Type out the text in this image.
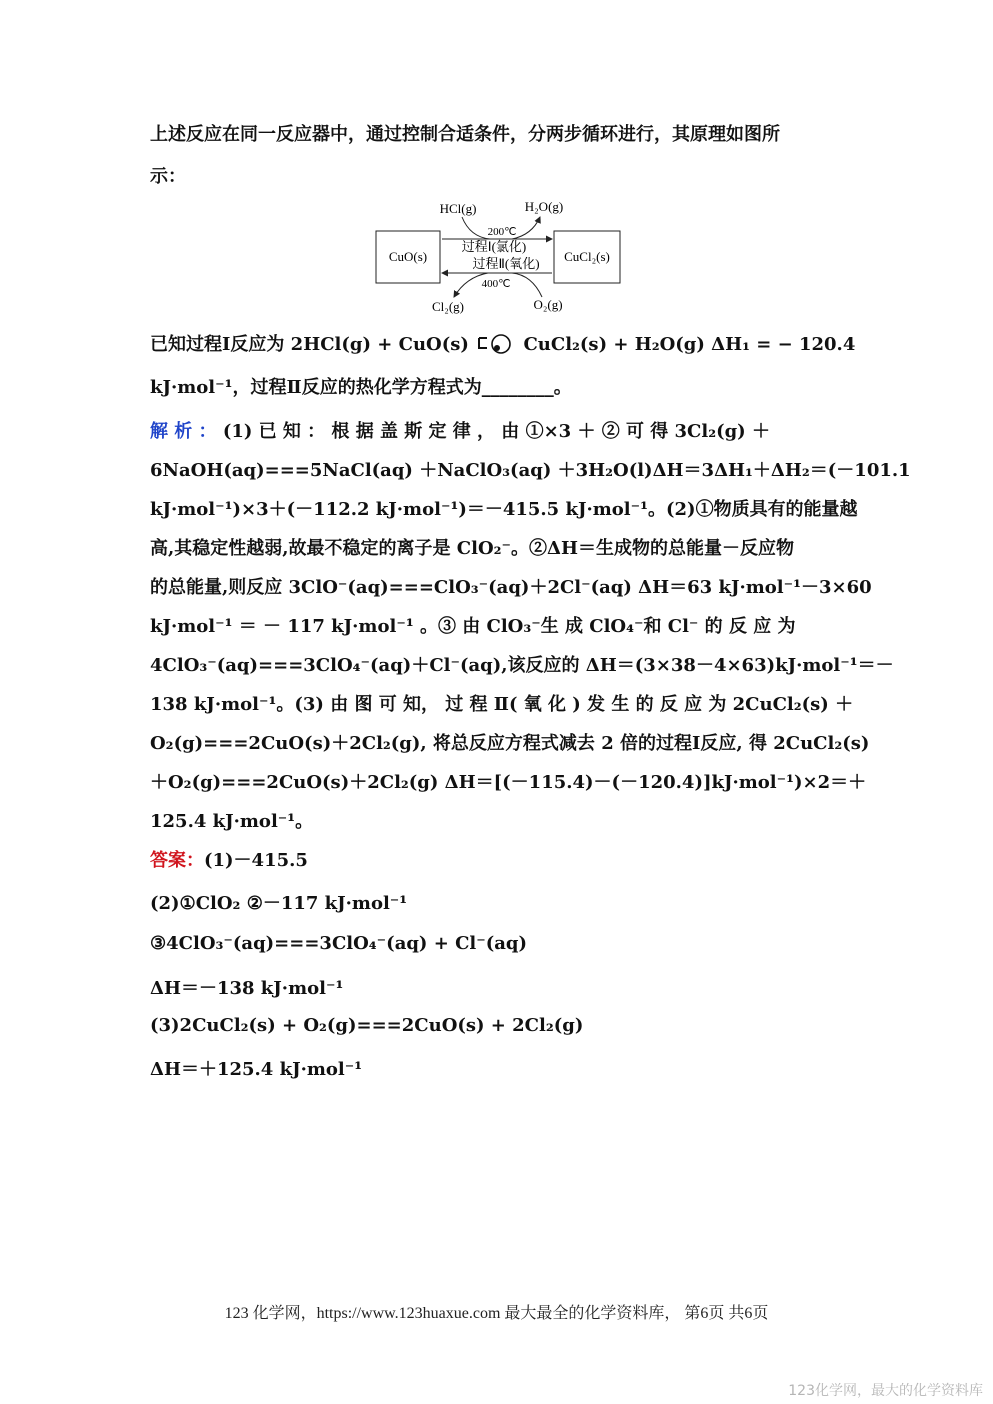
上述反应在同一反应器中，通过控制合适条件，分两步循环进行，其原理如图所
示：
CuO(s)	CuCl₂(s)
HCl(g)	H₂O(g)
200℃
过程Ⅰ(氯化)
过程Ⅱ(氧化)
400℃
Cl₂(g)	O₂(g)
已知过程Ⅰ反应为 2HCl(g) + CuO(s)	CuCl₂(s) + H₂O(g) ΔH₁ = − 120.4
kJ·mol⁻¹，过程Ⅱ反应的热化学方程式为________。
解 析 ： (1) 已 知 ： 根 据 盖 斯 定 律 ， 由 ①×3 ＋ ② 可 得 3Cl₂(g) ＋
6NaOH(aq)===5NaCl(aq) ＋NaClO₃(aq) ＋3H₂O(l)ΔH＝3ΔH₁＋ΔH₂＝(－101.1
kJ·mol⁻¹)×3＋(－112.2 kJ·mol⁻¹)＝－415.5 kJ·mol⁻¹。(2)①物质具有的能量越
高,其稳定性越弱,故最不稳定的离子是 ClO₂⁻。②ΔH＝生成物的总能量－反应物
的总能量,则反应 3ClO⁻(aq)===ClO₃⁻(aq)＋2Cl⁻(aq) ΔH＝63 kJ·mol⁻¹－3×60
kJ·mol⁻¹ ＝ － 117 kJ·mol⁻¹ 。③ 由 ClO₃⁻生 成 ClO₄⁻和 Cl⁻ 的 反 应 为
4ClO₃⁻(aq)===3ClO₄⁻(aq)＋Cl⁻(aq),该反应的 ΔH＝(3×38－4×63)kJ·mol⁻¹＝－
138 kJ·mol⁻¹。(3) 由 图 可 知， 过 程 Ⅱ( 氧 化 ) 发 生 的 反 应 为 2CuCl₂(s) ＋
O₂(g)===2CuO(s)＋2Cl₂(g), 将总反应方程式减去 2 倍的过程Ⅰ反应, 得 2CuCl₂(s)
＋O₂(g)===2CuO(s)＋2Cl₂(g) ΔH＝[(－115.4)－(－120.4)]kJ·mol⁻¹)×2＝＋
125.4 kJ·mol⁻¹。
答案：(1)－415.5
(2)①ClO₂ ②－117 kJ·mol⁻¹
③4ClO₃⁻(aq)===3ClO₄⁻(aq) + Cl⁻(aq)
ΔH＝－138 kJ·mol⁻¹
(3)2CuCl₂(s) + O₂(g)===2CuO(s) + 2Cl₂(g)
ΔH＝＋125.4 kJ·mol⁻¹
123 化学网，https://www.123huaxue.com 最大最全的化学资料库， 第6页 共6页
123化学网，最大的化学资料库
